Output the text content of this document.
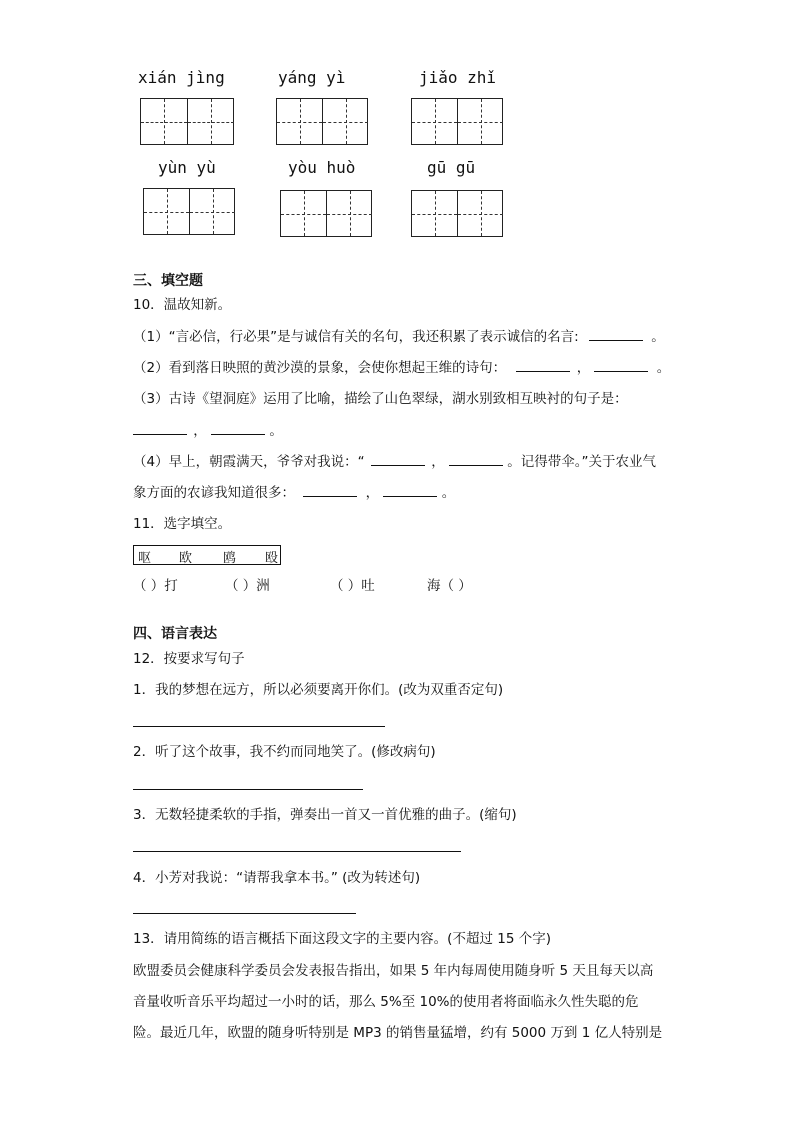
xián jìng	yáng yì	jiǎo zhǐ
yùn yù	yòu huò	gū gū
三、填空题
10．温故知新。
（1）“言必信，行必果”是与诚信有关的名句，我还积累了表示诚信的名言:	。
（2）看到落日映照的黄沙漠的景象，会使你想起王维的诗句：	，	。
（3）古诗《望洞庭》运用了比喻，描绘了山色翠绿，湖水别致相互映衬的句子是：
，	。
（4）早上，朝霞满天，爷爷对我说：“	，	。记得带伞。”关于农业气
象方面的农谚我知道很多：	，	。
11．选字填空。
呕 欧 鸥 殴
（ ）打	（ ）洲	（ ）吐	海（ ）
四、语言表达
12．按要求写句子
1．我的梦想在远方，所以必须要离开你们。(改为双重否定句)
2．听了这个故事，我不约而同地笑了。(修改病句)
3．无数轻捷柔软的手指，弹奏出一首又一首优雅的曲子。(缩句)
4．小芳对我说：“请帮我拿本书。” (改为转述句)
13．请用简练的语言概括下面这段文字的主要内容。(不超过 15 个字)
欧盟委员会健康科学委员会发表报告指出，如果 5 年内每周使用随身听 5 天且每天以高
音量收听音乐平均超过一小时的话，那么 5%至 10%的使用者将面临永久性失聪的危
险。最近几年，欧盟的随身听特别是 MP3 的销售量猛增，约有 5000 万到 1 亿人特别是
